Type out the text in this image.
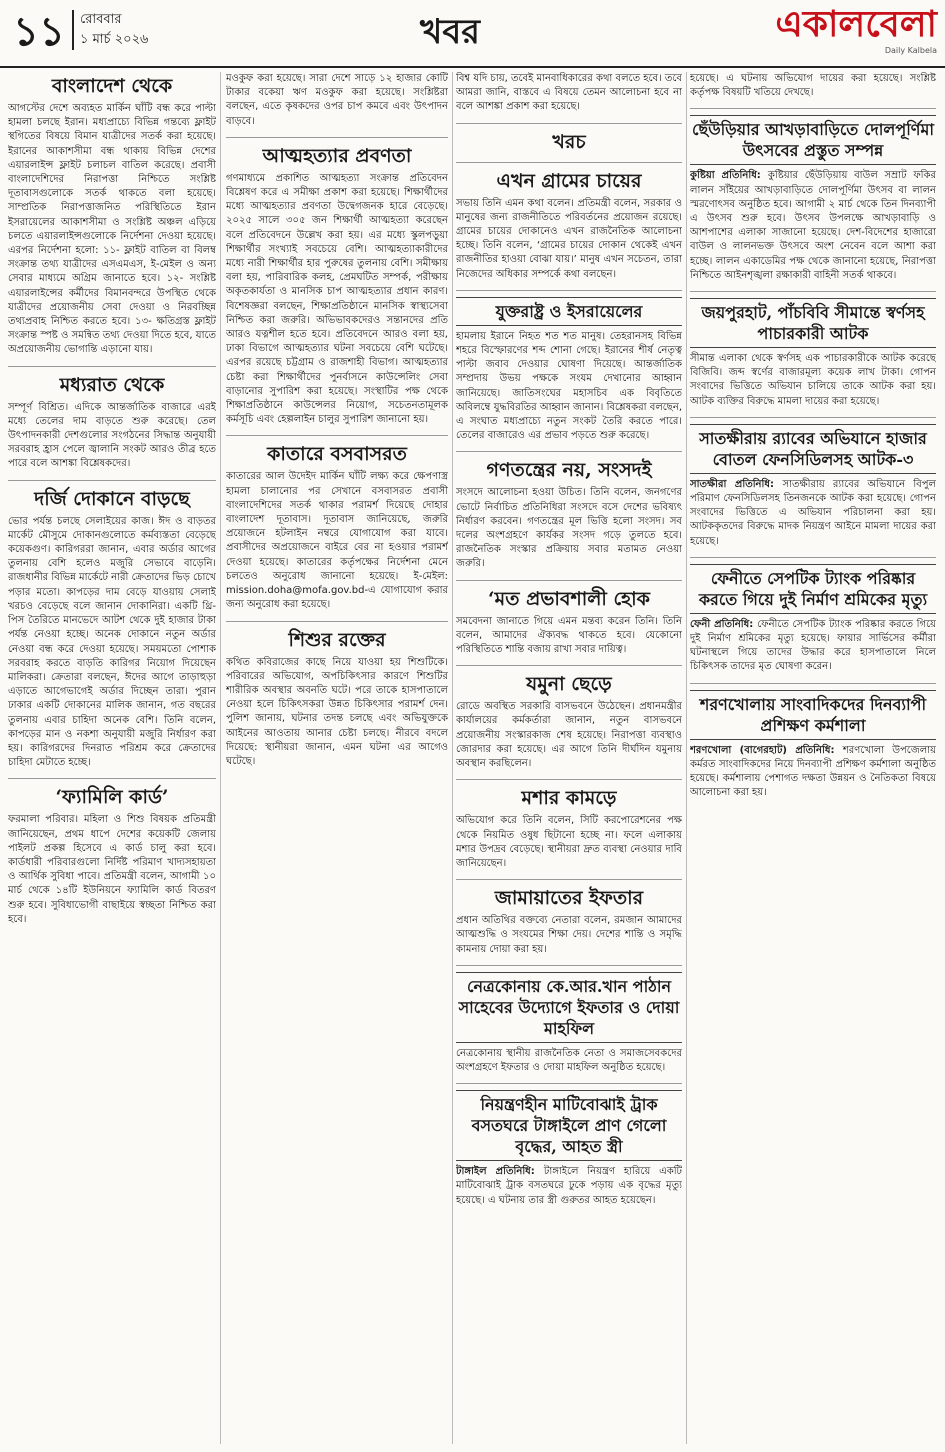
১১ রোববার
১ মার্চ ২০২৬	খবর	একালবেলা
Daily Kalbela
বাংলাদেশ থেকে

আগস্টের দেশে অব্যহত মার্কিন ঘাঁটি বন্ধ করে পাল্টা হামলা চলছে ইরান। মধ্যপ্রাচ্যে বিভিন্ন গন্তব্যে ফ্লাইট স্থগিতের বিষয়ে বিমান যাত্রীদের সতর্ক করা হয়েছে। ইরানের আকাশসীমা বন্ধ থাকায় বিভিন্ন দেশের এয়ারলাইন্স ফ্লাইট চলাচল বাতিল করেছে। প্রবাসী বাংলাদেশিদের নিরাপত্তা নিশ্চিতে সংশ্লিষ্ট দূতাবাসগুলোকে সতর্ক থাকতে বলা হয়েছে। সাম্প্রতিক নিরাপত্তাজনিত পরিস্থিতিতে ইরান ইসরায়েলের আকাশসীমা ও সংশ্লিষ্ট অঞ্চল এড়িয়ে চলতে এয়ারলাইন্সগুলোকে নির্দেশনা দেওয়া হয়েছে। এরপর নির্দেশনা হলো: ১১- ফ্লাইট বাতিল বা বিলম্ব সংক্রান্ত তথ্য যাত্রীদের এসএমএস, ই-মেইল ও অন্য সেবার মাধ্যমে অগ্রিম জানাতে হবে। ১২- সংশ্লিষ্ট এয়ারলাইন্সের কর্মীদের বিমানবন্দরে উপস্থিত থেকে যাত্রীদের প্রয়োজনীয় সেবা দেওয়া ও নিরবচ্ছিন্ন তথ্যপ্রবাহ নিশ্চিত করতে হবে। ১৩- ক্ষতিগ্রস্ত ফ্লাইট সংক্রান্ত স্পষ্ট ও সমন্বিত তথ্য দেওয়া দিতে হবে, যাতে অপ্রয়োজনীয় ভোগান্তি এড়ানো যায়।

মধ্যরাত থেকে

সম্পূর্ণ বিশ্রিত। এদিকে আন্তর্জাতিক বাজারে এরই মধ্যে তেলের দাম বাড়তে শুরু করেছে। তেল উৎপাদনকারী দেশগুলোর সংগঠনের সিদ্ধান্ত অনুযায়ী সরবরাহ হ্রাস পেলে জ্বালানি সংকট আরও তীব্র হতে পারে বলে আশঙ্কা বিশ্লেষকদের।

দর্জি দোকানে বাড়ছে

ভোর পর্যন্ত চলছে সেলাইয়ের কাজ। ঈদ ও বাড়তর মার্কেট মৌসুমে দোকানগুলোতে কর্মব্যস্ততা বেড়েছে কয়েকগুণ। কারিগররা জানান, এবার অর্ডার আগের তুলনায় বেশি হলেও মজুরি সেভাবে বাড়েনি। রাজধানীর বিভিন্ন মার্কেটে নারী ক্রেতাদের ভিড় চোখে পড়ার মতো। কাপড়ের দাম বেড়ে যাওয়ায় সেলাই খরচও বেড়েছে বলে জানান দোকানিরা। একটি থ্রি-পিস তৈরিতে মানভেদে আটশ থেকে দুই হাজার টাকা পর্যন্ত নেওয়া হচ্ছে। অনেক দোকানে নতুন অর্ডার নেওয়া বন্ধ করে দেওয়া হয়েছে। সময়মতো পোশাক সরবরাহ করতে বাড়তি কারিগর নিয়োগ দিয়েছেন মালিকরা। ক্রেতারা বলছেন, ঈদের আগে তাড়াহুড়া এড়াতে আগেভাগেই অর্ডার দিচ্ছেন তারা। পুরান ঢাকার একটি দোকানের মালিক জানান, গত বছরের তুলনায় এবার চাহিদা অনেক বেশি। তিনি বলেন, কাপড়ের মান ও নকশা অনুযায়ী মজুরি নির্ধারণ করা হয়। কারিগরদের দিনরাত পরিশ্রম করে ক্রেতাদের চাহিদা মেটাতে হচ্ছে।

‘ফ্যামিলি কার্ড’

ফরমালা পরিবার। মহিলা ও শিশু বিষয়ক প্রতিমন্ত্রী জানিয়েছেন, প্রথম ধাপে দেশের কয়েকটি জেলায় পাইলট প্রকল্প হিসেবে এ কার্ড চালু করা হবে। কার্ডধারী পরিবারগুলো নির্দিষ্ট পরিমাণ খাদ্যসহায়তা ও আর্থিক সুবিধা পাবে। প্রতিমন্ত্রী বলেন, আগামী ১০ মার্চ থেকে ১৪টি ইউনিয়নে ফ্যামিলি কার্ড বিতরণ শুরু হবে। সুবিধাভোগী বাছাইয়ে স্বচ্ছতা নিশ্চিত করা হবে।

মওকুফ করা হয়েছে। সারা দেশে সাড়ে ১২ হাজার কোটি টাকার বকেয়া ঋণ মওকুফ করা হয়েছে। সংশ্লিষ্টরা বলছেন, এতে কৃষকদের ওপর চাপ কমবে এবং উৎপাদন বাড়বে।

আত্মহত্যার প্রবণতা

গণমাধ্যমে প্রকাশিত আত্মহত্যা সংক্রান্ত প্রতিবেদন বিশ্লেষণ করে এ সমীক্ষা প্রকাশ করা হয়েছে। শিক্ষার্থীদের মধ্যে আত্মহত্যার প্রবণতা উদ্বেগজনক হারে বেড়েছে। ২০২৫ সালে ৩০৫ জন শিক্ষার্থী আত্মহত্যা করেছেন বলে প্রতিবেদনে উল্লেখ করা হয়। এর মধ্যে স্কুলপড়ুয়া শিক্ষার্থীর সংখ্যাই সবচেয়ে বেশি। আত্মহত্যাকারীদের মধ্যে নারী শিক্ষার্থীর হার পুরুষের তুলনায় বেশি। সমীক্ষায় বলা হয়, পারিবারিক কলহ, প্রেমঘটিত সম্পর্ক, পরীক্ষায় অকৃতকার্যতা ও মানসিক চাপ আত্মহত্যার প্রধান কারণ। বিশেষজ্ঞরা বলছেন, শিক্ষাপ্রতিষ্ঠানে মানসিক স্বাস্থ্যসেবা নিশ্চিত করা জরুরি। অভিভাবকদেরও সন্তানদের প্রতি আরও যত্নশীল হতে হবে। প্রতিবেদনে আরও বলা হয়, ঢাকা বিভাগে আত্মহত্যার ঘটনা সবচেয়ে বেশি ঘটেছে। এরপর রয়েছে চট্টগ্রাম ও রাজশাহী বিভাগ। আত্মহত্যার চেষ্টা করা শিক্ষার্থীদের পুনর্বাসনে কাউন্সেলিং সেবা বাড়ানোর সুপারিশ করা হয়েছে। সংস্থাটির পক্ষ থেকে শিক্ষাপ্রতিষ্ঠানে কাউন্সেলর নিয়োগ, সচেতনতামূলক কর্মসূচি এবং হেল্পলাইন চালুর সুপারিশ জানানো হয়।

কাতারে বসবাসরত

কাতারের আল উদেইদ মার্কিন ঘাঁটি লক্ষ্য করে ক্ষেপণাস্ত্র হামলা চালানোর পর সেখানে বসবাসরত প্রবাসী বাংলাদেশিদের সতর্ক থাকার পরামর্শ দিয়েছে দোহার বাংলাদেশ দূতাবাস। দূতাবাস জানিয়েছে, জরুরি প্রয়োজনে হটলাইন নম্বরে যোগাযোগ করা যাবে। প্রবাসীদের অপ্রয়োজনে বাইরে বের না হওয়ার পরামর্শ দেওয়া হয়েছে। কাতারের কর্তৃপক্ষের নির্দেশনা মেনে চলতেও অনুরোধ জানানো হয়েছে। ই-মেইল: mission.doha@mofa.gov.bd-এ যোগাযোগ করার জন্য অনুরোধ করা হয়েছে।

শিশুর রক্তের

কথিত কবিরাজের কাছে নিয়ে যাওয়া হয় শিশুটিকে। পরিবারের অভিযোগ, অপচিকিৎসার কারণে শিশুটির শারীরিক অবস্থার অবনতি ঘটে। পরে তাকে হাসপাতালে নেওয়া হলে চিকিৎসকরা উন্নত চিকিৎসার পরামর্শ দেন। পুলিশ জানায়, ঘটনার তদন্ত চলছে এবং অভিযুক্তকে আইনের আওতায় আনার চেষ্টা চলছে। নীরবে বদলে দিয়েছে: স্থানীয়রা জানান, এমন ঘটনা এর আগেও ঘটেছে।

বিশ্ব যদি চায়, তবেই মানবাধিকারের কথা বলতে হবে। তবে আমরা জানি, বাস্তবে এ বিষয়ে তেমন আলোচনা হবে না বলে আশঙ্কা প্রকাশ করা হয়েছে।

খরচ
এখন গ্রামের চায়ের

সভায় তিনি এমন কথা বলেন। প্রতিমন্ত্রী বলেন, সরকার ও মানুষের জন্য রাজনীতিতে পরিবর্তনের প্রয়োজন রয়েছে। গ্রামের চায়ের দোকানেও এখন রাজনৈতিক আলোচনা হচ্ছে। তিনি বলেন, ‘গ্রামের চায়ের দোকান থেকেই এখন রাজনীতির হাওয়া বোঝা যায়।’ মানুষ এখন সচেতন, তারা নিজেদের অধিকার সম্পর্কে কথা বলছেন।

যুক্তরাষ্ট্র ও ইসরায়েলের

হামলায় ইরানে নিহত শত শত মানুষ। তেহরানসহ বিভিন্ন শহরে বিস্ফোরণের শব্দ শোনা গেছে। ইরানের শীর্ষ নেতৃত্ব পাল্টা জবাব দেওয়ার ঘোষণা দিয়েছে। আন্তর্জাতিক সম্প্রদায় উভয় পক্ষকে সংযম দেখানোর আহ্বান জানিয়েছে। জাতিসংঘের মহাসচিব এক বিবৃতিতে অবিলম্বে যুদ্ধবিরতির আহ্বান জানান। বিশ্লেষকরা বলছেন, এ সংঘাত মধ্যপ্রাচ্যে নতুন সংকট তৈরি করতে পারে। তেলের বাজারেও এর প্রভাব পড়তে শুরু করেছে।

গণতন্ত্রের নয়, সংসদই

সংসদে আলোচনা হওয়া উচিত। তিনি বলেন, জনগণের ভোটে নির্বাচিত প্রতিনিধিরা সংসদে বসে দেশের ভবিষ্যৎ নির্ধারণ করবেন। গণতন্ত্রের মূল ভিত্তি হলো সংসদ। সব দলের অংশগ্রহণে কার্যকর সংসদ গড়ে তুলতে হবে। রাজনৈতিক সংস্কার প্রক্রিয়ায় সবার মতামত নেওয়া জরুরি।

‘মত প্রভাবশালী হোক

সমবেদনা জানাতে গিয়ে এমন মন্তব্য করেন তিনি। তিনি বলেন, আমাদের ঐক্যবদ্ধ থাকতে হবে। যেকোনো পরিস্থিতিতে শান্তি বজায় রাখা সবার দায়িত্ব।

যমুনা ছেড়ে

রোডে অবস্থিত সরকারি বাসভবনে উঠেছেন। প্রধানমন্ত্রীর কার্যালয়ের কর্মকর্তারা জানান, নতুন বাসভবনে প্রয়োজনীয় সংস্কারকাজ শেষ হয়েছে। নিরাপত্তা ব্যবস্থাও জোরদার করা হয়েছে। এর আগে তিনি দীর্ঘদিন যমুনায় অবস্থান করছিলেন।

মশার কামড়ে

অভিযোগ করে তিনি বলেন, সিটি করপোরেশনের পক্ষ থেকে নিয়মিত ওষুধ ছিটানো হচ্ছে না। ফলে এলাকায় মশার উপদ্রব বেড়েছে। স্থানীয়রা দ্রুত ব্যবস্থা নেওয়ার দাবি জানিয়েছেন।

জামায়াতের ইফতার

প্রধান অতিথির বক্তব্যে নেতারা বলেন, রমজান আমাদের আত্মশুদ্ধি ও সংযমের শিক্ষা দেয়। দেশের শান্তি ও সমৃদ্ধি কামনায় দোয়া করা হয়।

নেত্রকোনায় কে.আর.খান পাঠান সাহেবের উদ্যোগে ইফতার ও দোয়া মাহফিল

নেত্রকোনায় স্থানীয় রাজনৈতিক নেতা ও সমাজসেবকদের অংশগ্রহণে ইফতার ও দোয়া মাহফিল অনুষ্ঠিত হয়েছে।

নিয়ন্ত্রণহীন মাটিবোঝাই ট্রাক বসতঘরে টাঙ্গাইলে প্রাণ গেলো বৃদ্ধের, আহত স্ত্রী

টাঙ্গাইল প্রতিনিধি: টাঙ্গাইলে নিয়ন্ত্রণ হারিয়ে একটি মাটিবোঝাই ট্রাক বসতঘরে ঢুকে পড়ায় এক বৃদ্ধের মৃত্যু হয়েছে। এ ঘটনায় তার স্ত্রী গুরুতর আহত হয়েছেন।

হয়েছে। এ ঘটনায় অভিযোগ দায়ের করা হয়েছে। সংশ্লিষ্ট কর্তৃপক্ষ বিষয়টি খতিয়ে দেখছে।

ছেঁউড়িয়ার আখড়াবাড়িতে দোলপূর্ণিমা উৎসবের প্রস্তুত সম্পন্ন

কুষ্টিয়া প্রতিনিধি: কুষ্টিয়ার ছেঁউড়িয়ায় বাউল সম্রাট ফকির লালন সাঁইয়ের আখড়াবাড়িতে দোলপূর্ণিমা উৎসব বা লালন স্মরণোৎসব অনুষ্ঠিত হবে। আগামী ২ মার্চ থেকে তিন দিনব্যাপী এ উৎসব শুরু হবে। উৎসব উপলক্ষে আখড়াবাড়ি ও আশপাশের এলাকা সাজানো হয়েছে। দেশ-বিদেশের হাজারো বাউল ও লালনভক্ত উৎসবে অংশ নেবেন বলে আশা করা হচ্ছে। লালন একাডেমির পক্ষ থেকে জানানো হয়েছে, নিরাপত্তা নিশ্চিতে আইনশৃঙ্খলা রক্ষাকারী বাহিনী সতর্ক থাকবে।

জয়পুরহাট, পাঁচবিবি সীমান্তে স্বর্ণসহ পাচারকারী আটক

সীমান্ত এলাকা থেকে স্বর্ণসহ এক পাচারকারীকে আটক করেছে বিজিবি। জব্দ স্বর্ণের বাজারমূল্য কয়েক লাখ টাকা। গোপন সংবাদের ভিত্তিতে অভিযান চালিয়ে তাকে আটক করা হয়। আটক ব্যক্তির বিরুদ্ধে মামলা দায়ের করা হয়েছে।

সাতক্ষীরায় র‍্যাবের অভিযানে হাজার বোতল ফেনসিডিলসহ আটক-৩

সাতক্ষীরা প্রতিনিধি: সাতক্ষীরায় র‍্যাবের অভিযানে বিপুল পরিমাণ ফেনসিডিলসহ তিনজনকে আটক করা হয়েছে। গোপন সংবাদের ভিত্তিতে এ অভিযান পরিচালনা করা হয়। আটককৃতদের বিরুদ্ধে মাদক নিয়ন্ত্রণ আইনে মামলা দায়ের করা হয়েছে।

ফেনীতে সেপটিক ট্যাংক পরিষ্কার করতে গিয়ে দুই নির্মাণ শ্রমিকের মৃত্যু

ফেনী প্রতিনিধি: ফেনীতে সেপটিক ট্যাংক পরিষ্কার করতে গিয়ে দুই নির্মাণ শ্রমিকের মৃত্যু হয়েছে। ফায়ার সার্ভিসের কর্মীরা ঘটনাস্থলে গিয়ে তাদের উদ্ধার করে হাসপাতালে নিলে চিকিৎসক তাদের মৃত ঘোষণা করেন।

শরণখোলায় সাংবাদিকদের দিনব্যাপী প্রশিক্ষণ কর্মশালা

শরণখোলা (বাগেরহাট) প্রতিনিধি: শরণখোলা উপজেলায় কর্মরত সাংবাদিকদের নিয়ে দিনব্যাপী প্রশিক্ষণ কর্মশালা অনুষ্ঠিত হয়েছে। কর্মশালায় পেশাগত দক্ষতা উন্নয়ন ও নৈতিকতা বিষয়ে আলোচনা করা হয়।
